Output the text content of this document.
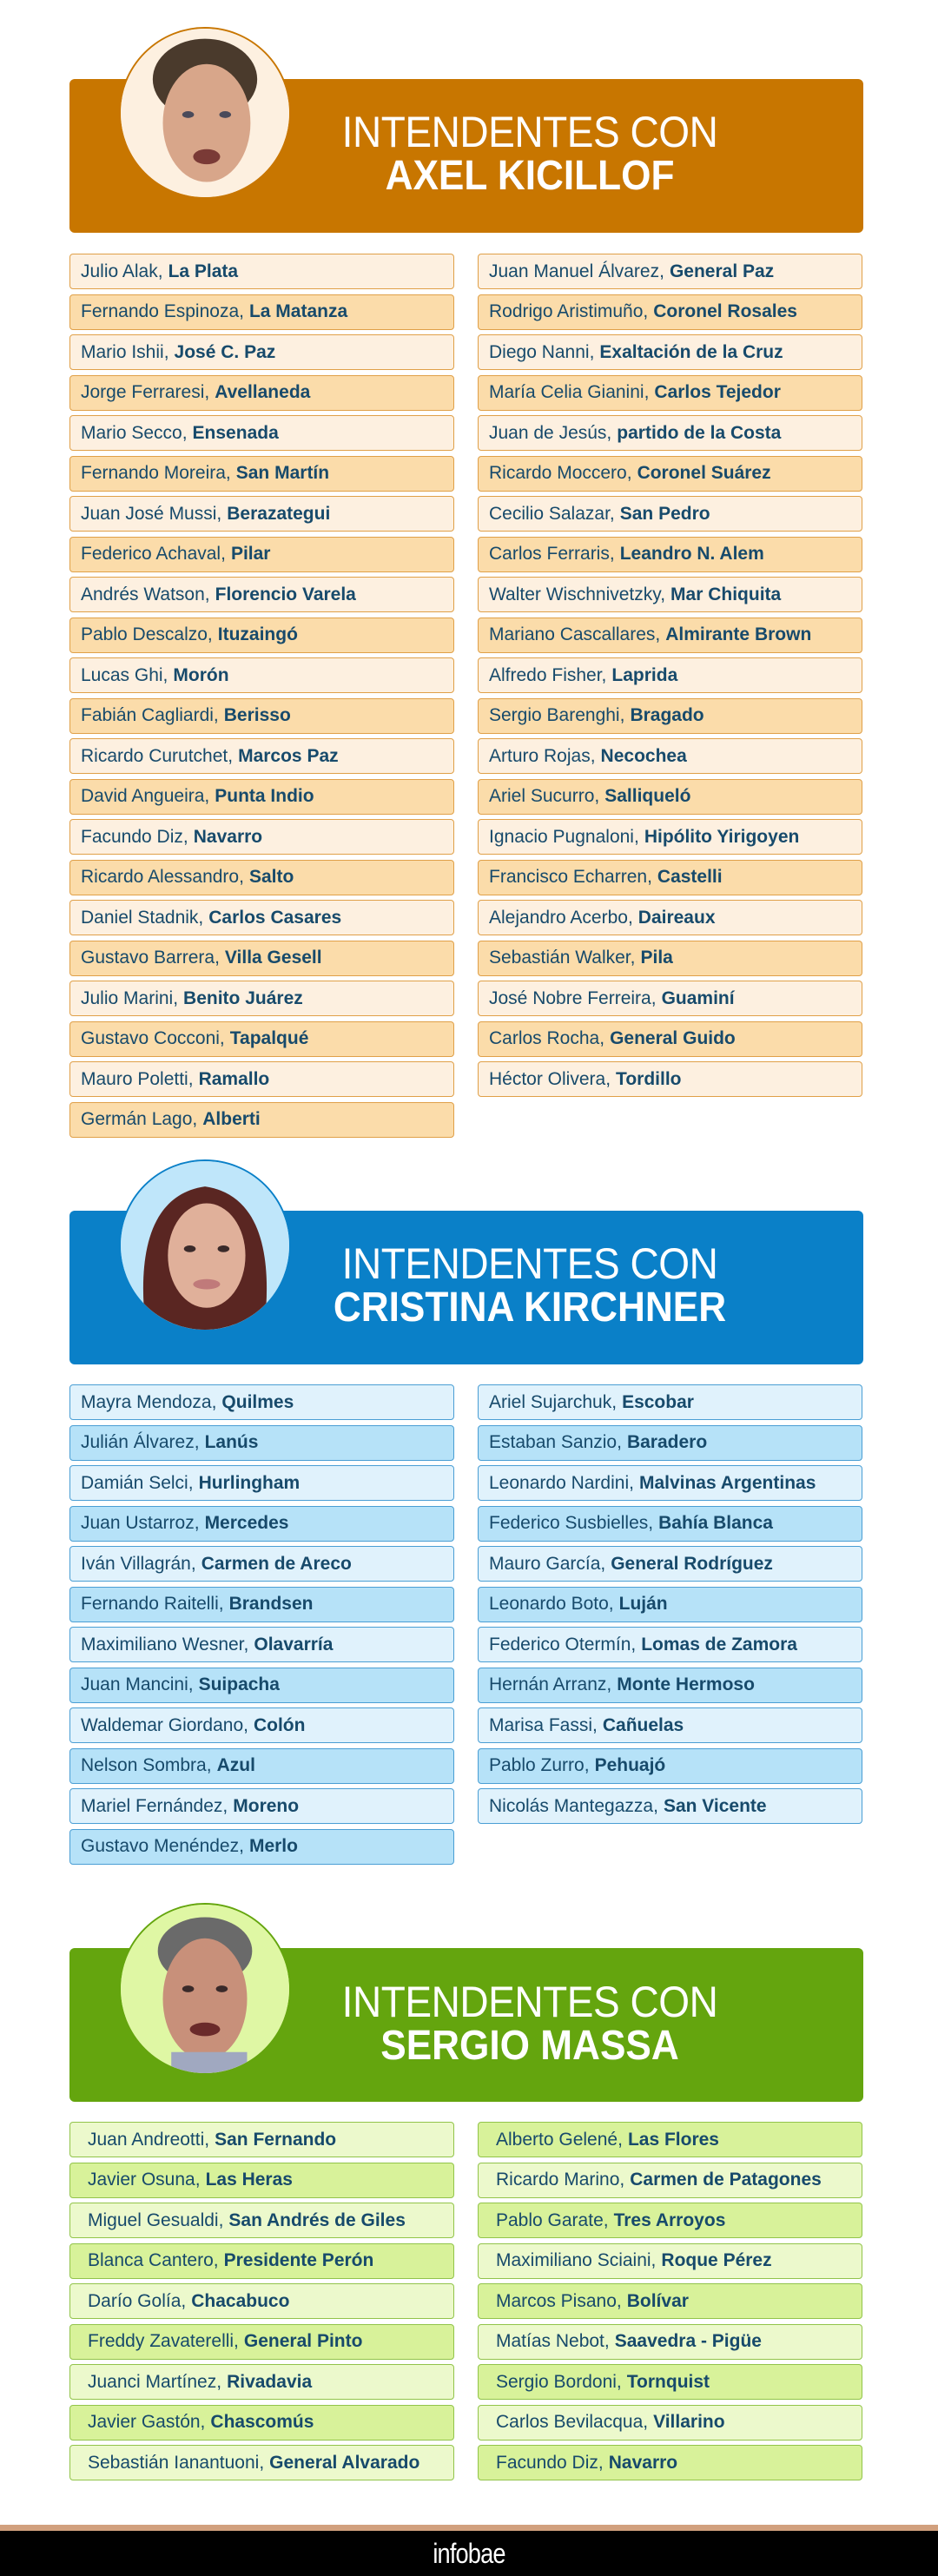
INTENDENTES CON
AXEL KICILLOF
Julio Alak, La Plata
Fernando Espinoza, La Matanza
Mario Ishii, José C. Paz
Jorge Ferraresi, Avellaneda
Mario Secco, Ensenada
Fernando Moreira, San Martín
Juan José Mussi, Berazategui
Federico Achaval, Pilar
Andrés Watson, Florencio Varela
Pablo Descalzo, Ituzaingó
Lucas Ghi, Morón
Fabián Cagliardi, Berisso
Ricardo Curutchet, Marcos Paz
David Angueira, Punta Indio
Facundo Diz, Navarro
Ricardo Alessandro, Salto
Daniel Stadnik, Carlos Casares
Gustavo Barrera, Villa Gesell
Julio Marini, Benito Juárez
Gustavo Cocconi, Tapalqué
Mauro Poletti, Ramallo
Germán Lago, Alberti
Juan Manuel Álvarez, General Paz
Rodrigo Aristimuño, Coronel Rosales
Diego Nanni, Exaltación de la Cruz
María Celia Gianini, Carlos Tejedor
Juan de Jesús, partido de la Costa
Ricardo Moccero, Coronel Suárez
Cecilio Salazar, San Pedro
Carlos Ferraris, Leandro N. Alem
Walter Wischnivetzky, Mar Chiquita
Mariano Cascallares, Almirante Brown
Alfredo Fisher, Laprida
Sergio Barenghi, Bragado
Arturo Rojas, Necochea
Ariel Sucurro, Salliqueló
Ignacio Pugnaloni, Hipólito Yirigoyen
Francisco Echarren, Castelli
Alejandro Acerbo, Daireaux
Sebastián Walker, Pila
José Nobre Ferreira, Guaminí
Carlos Rocha, General Guido
Héctor Olivera, Tordillo
INTENDENTES CON
CRISTINA KIRCHNER
Mayra Mendoza, Quilmes
Julián Álvarez, Lanús
Damián Selci, Hurlingham
Juan Ustarroz, Mercedes
Iván Villagrán, Carmen de Areco
Fernando Raitelli, Brandsen
Maximiliano Wesner, Olavarría
Juan Mancini, Suipacha
Waldemar Giordano, Colón
Nelson Sombra, Azul
Mariel Fernández, Moreno
Gustavo Menéndez, Merlo
Ariel Sujarchuk, Escobar
Estaban Sanzio, Baradero
Leonardo Nardini, Malvinas Argentinas
Federico Susbielles, Bahía Blanca
Mauro García, General Rodríguez
Leonardo Boto, Luján
Federico Otermín, Lomas de Zamora
Hernán Arranz, Monte Hermoso
Marisa Fassi, Cañuelas
Pablo Zurro, Pehuajó
Nicolás Mantegazza, San Vicente
INTENDENTES CON
SERGIO MASSA
Juan Andreotti, San Fernando
Javier Osuna, Las Heras
Miguel Gesualdi, San Andrés de Giles
Blanca Cantero, Presidente Perón
Darío Golía, Chacabuco
Freddy Zavaterelli, General Pinto
Juanci Martínez, Rivadavia
Javier Gastón, Chascomús
Sebastián Ianantuoni, General Alvarado
Alberto Gelené, Las Flores
Ricardo Marino, Carmen de Patagones
Pablo Garate, Tres Arroyos
Maximiliano Sciaini, Roque Pérez
Marcos Pisano, Bolívar
Matías Nebot, Saavedra - Pigüe
Sergio Bordoni, Tornquist
Carlos Bevilacqua, Villarino
Facundo Diz, Navarro
infobae
